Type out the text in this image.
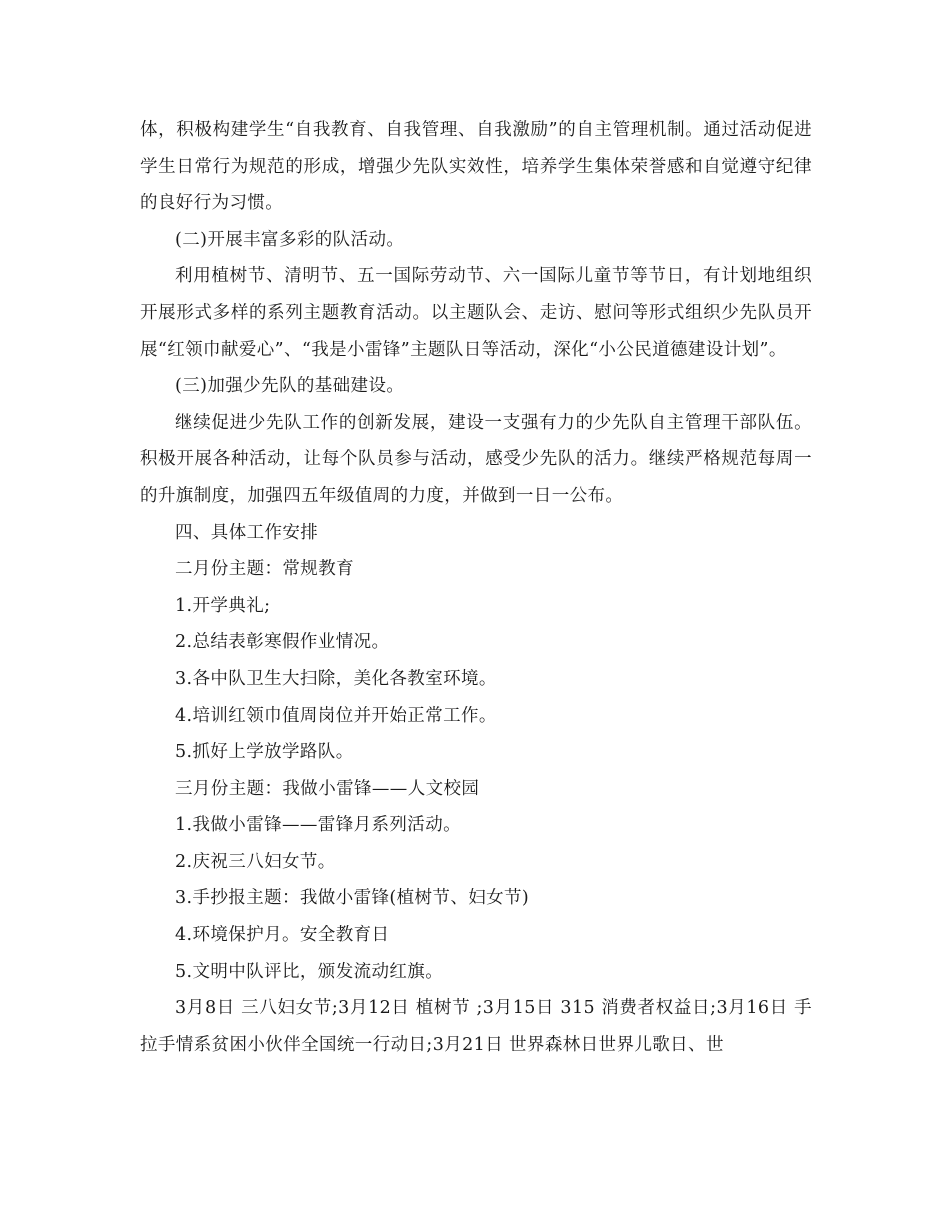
体，积极构建学生“自我教育、自我管理、自我激励”的自主管理机制。通过活动促进学生日常行为规范的形成，增强少先队实效性，培养学生集体荣誉感和自觉遵守纪律的良好行为习惯。

(二)开展丰富多彩的队活动。

利用植树节、清明节、五一国际劳动节、六一国际儿童节等节日，有计划地组织开展形式多样的系列主题教育活动。以主题队会、走访、慰问等形式组织少先队员开展“红领巾献爱心”、“我是小雷锋”主题队日等活动，深化“小公民道德建设计划”。

(三)加强少先队的基础建设。

继续促进少先队工作的创新发展，建设一支强有力的少先队自主管理干部队伍。积极开展各种活动，让每个队员参与活动，感受少先队的活力。继续严格规范每周一的升旗制度，加强四五年级值周的力度，并做到一日一公布。

四、具体工作安排

二月份主题：常规教育

1.开学典礼;

2.总结表彰寒假作业情况。

3.各中队卫生大扫除，美化各教室环境。

4.培训红领巾值周岗位并开始正常工作。

5.抓好上学放学路队。

三月份主题：我做小雷锋——人文校园

1.我做小雷锋——雷锋月系列活动。

2.庆祝三八妇女节。

3.手抄报主题：我做小雷锋(植树节、妇女节)

4.环境保护月。安全教育日

5.文明中队评比，颁发流动红旗。

3月8日 三八妇女节;3月12日 植树节 ;3月15日 315 消费者权益日;3月16日 手拉手情系贫困小伙伴全国统一行动日;3月21日 世界森林日世界儿歌日、世
